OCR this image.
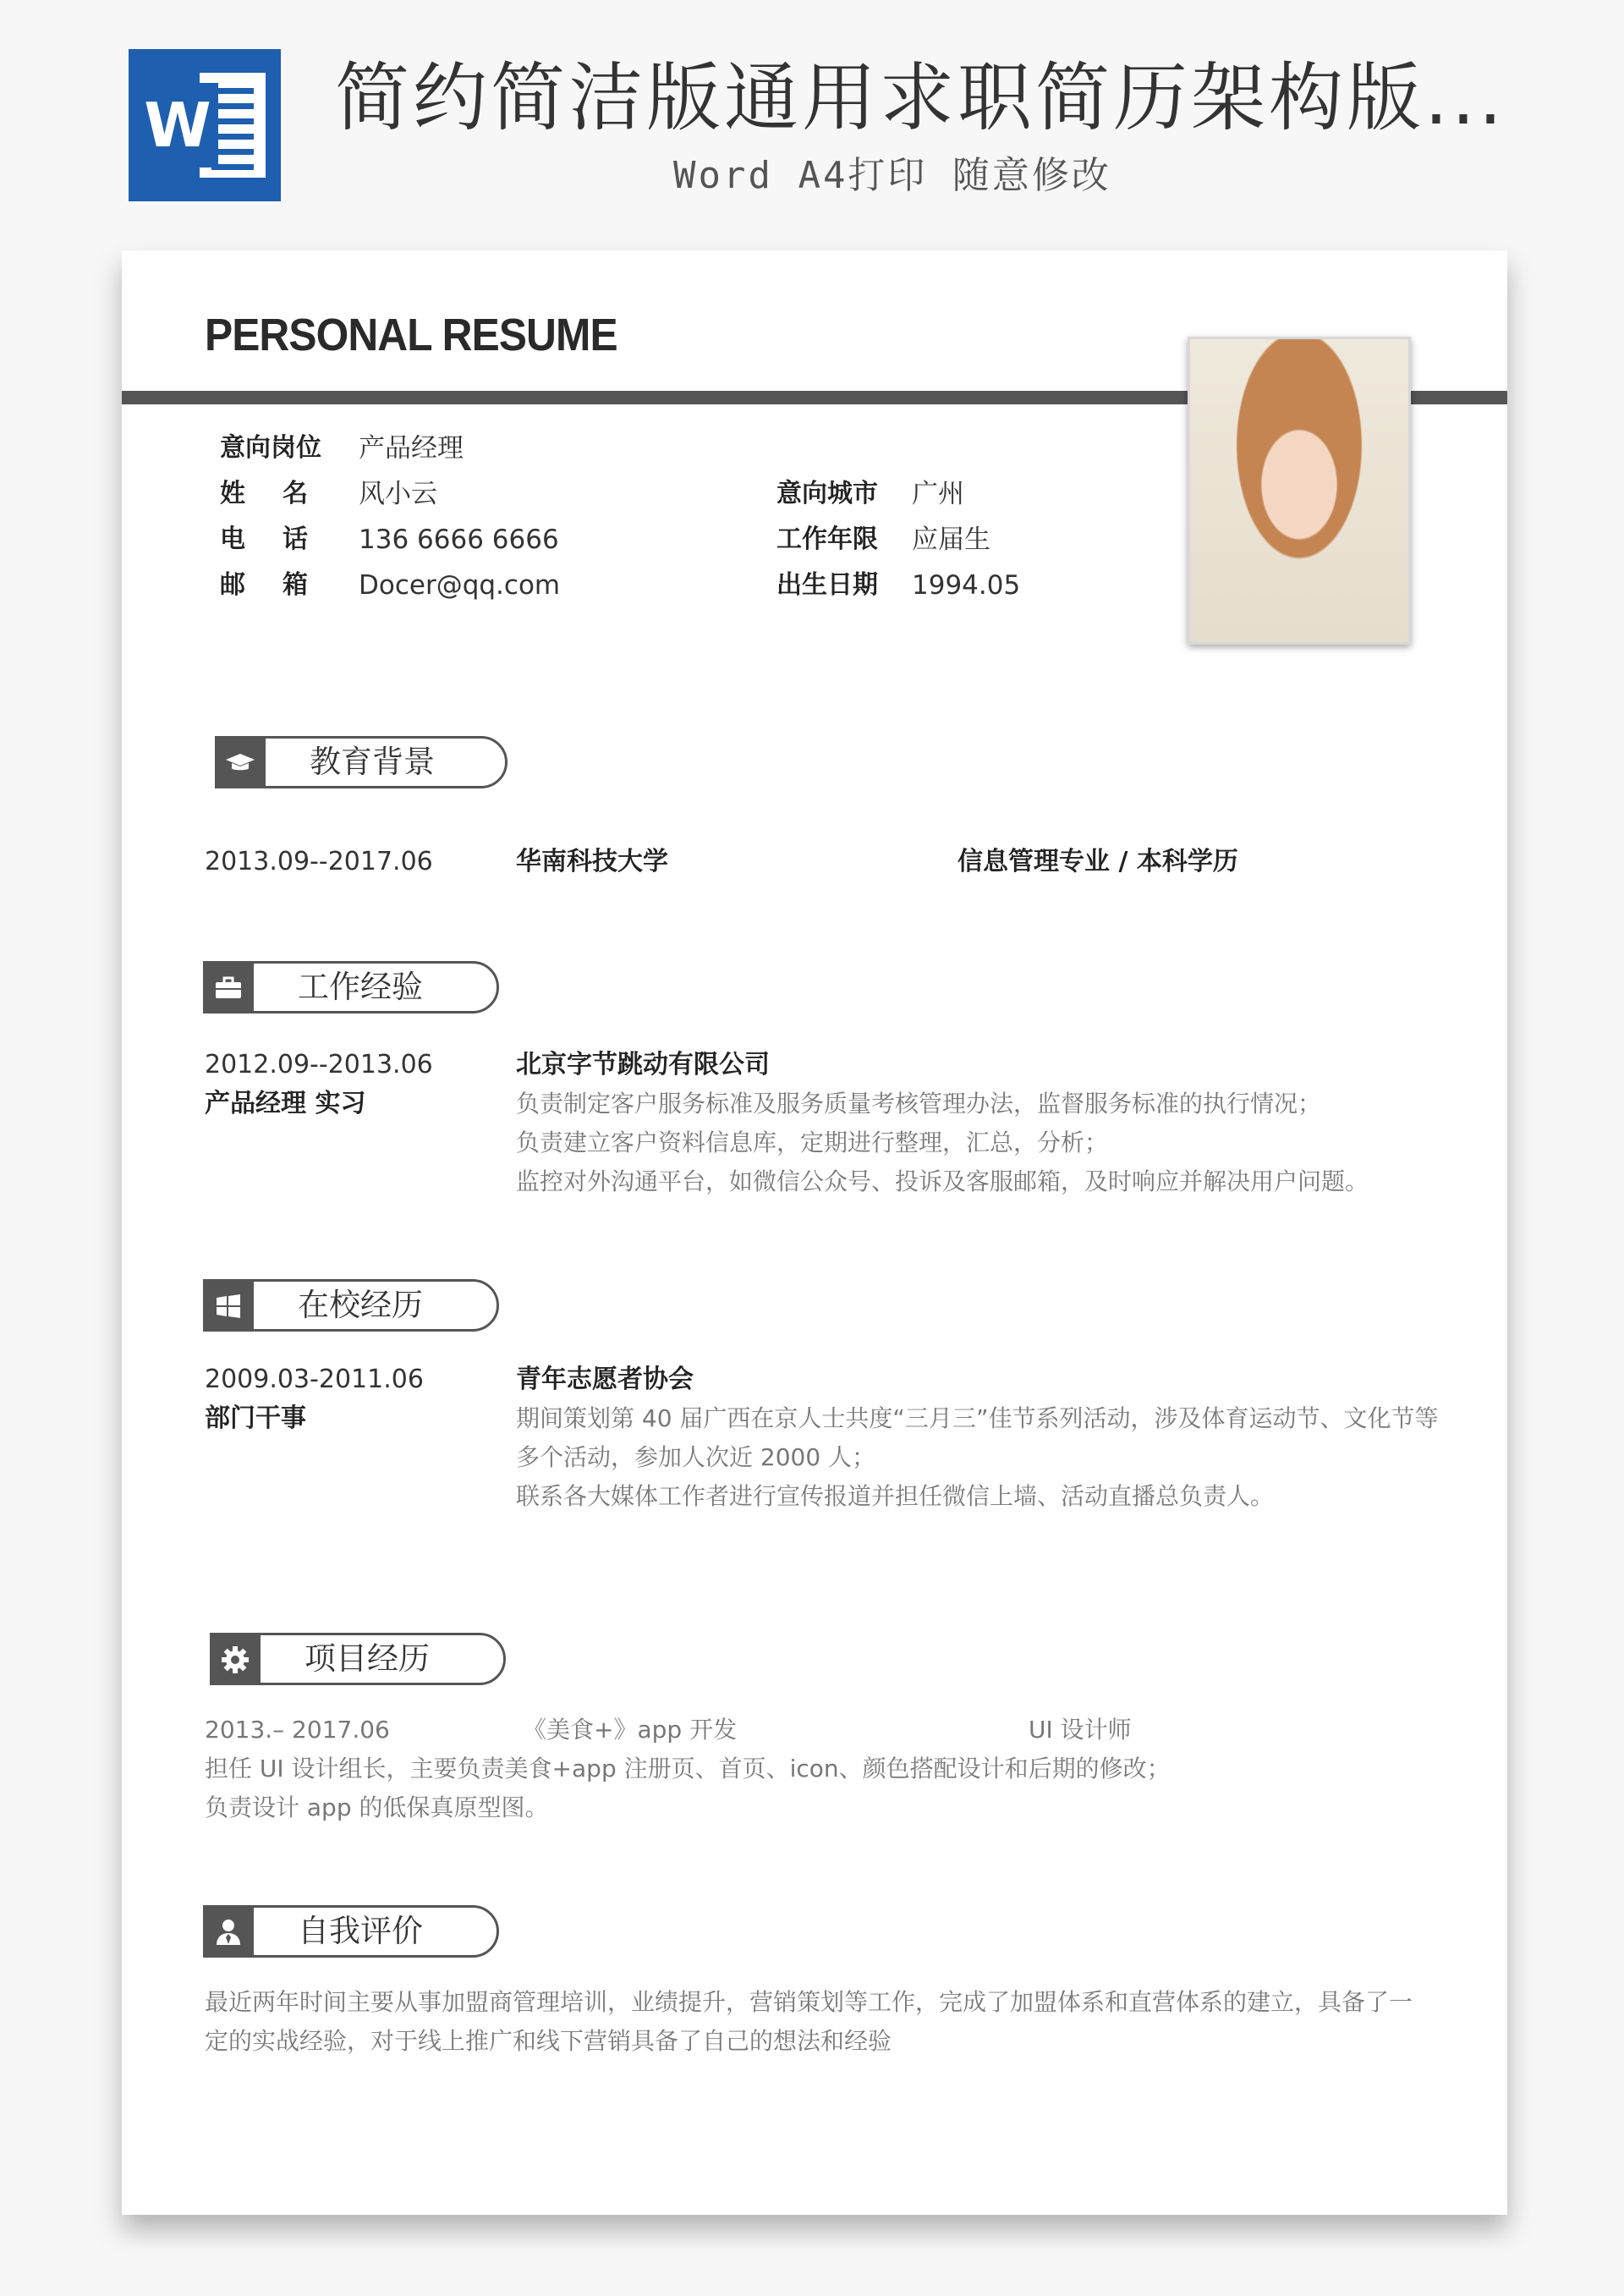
W 简约简洁版通用求职简历架构版...
Word A4打印 随意修改
PERSONAL RESUME
意向岗位 产品经理
姓名 风小云
电话 136 6666 6666
邮箱 Docer@qq.com
意向城市 广州
工作年限 应届生
出生日期 1994.05
教育背景
2013.09--2017.06	华南科技大学	信息管理专业 / 本科学历
工作经验
2012.09--2013.06
产品经理 实习
北京字节跳动有限公司
负责制定客户服务标准及服务质量考核管理办法，监督服务标准的执行情况；
负责建立客户资料信息库，定期进行整理，汇总，分析；
监控对外沟通平台，如微信公众号、投诉及客服邮箱，及时响应并解决用户问题。
在校经历
2009.03-2011.06
部门干事
青年志愿者协会
期间策划第 40 届广西在京人士共度“三月三”佳节系列活动，涉及体育运动节、文化节等
多个活动，参加人次近 2000 人；
联系各大媒体工作者进行宣传报道并担任微信上墙、活动直播总负责人。
项目经历
2013.– 2017.06	《美食+》app 开发	UI 设计师
担任 UI 设计组长，主要负责美食+app 注册页、首页、icon、颜色搭配设计和后期的修改；
负责设计 app 的低保真原型图。
自我评价
最近两年时间主要从事加盟商管理培训，业绩提升，营销策划等工作，完成了加盟体系和直营体系的建立，具备了一
定的实战经验，对于线上推广和线下营销具备了自己的想法和经验
